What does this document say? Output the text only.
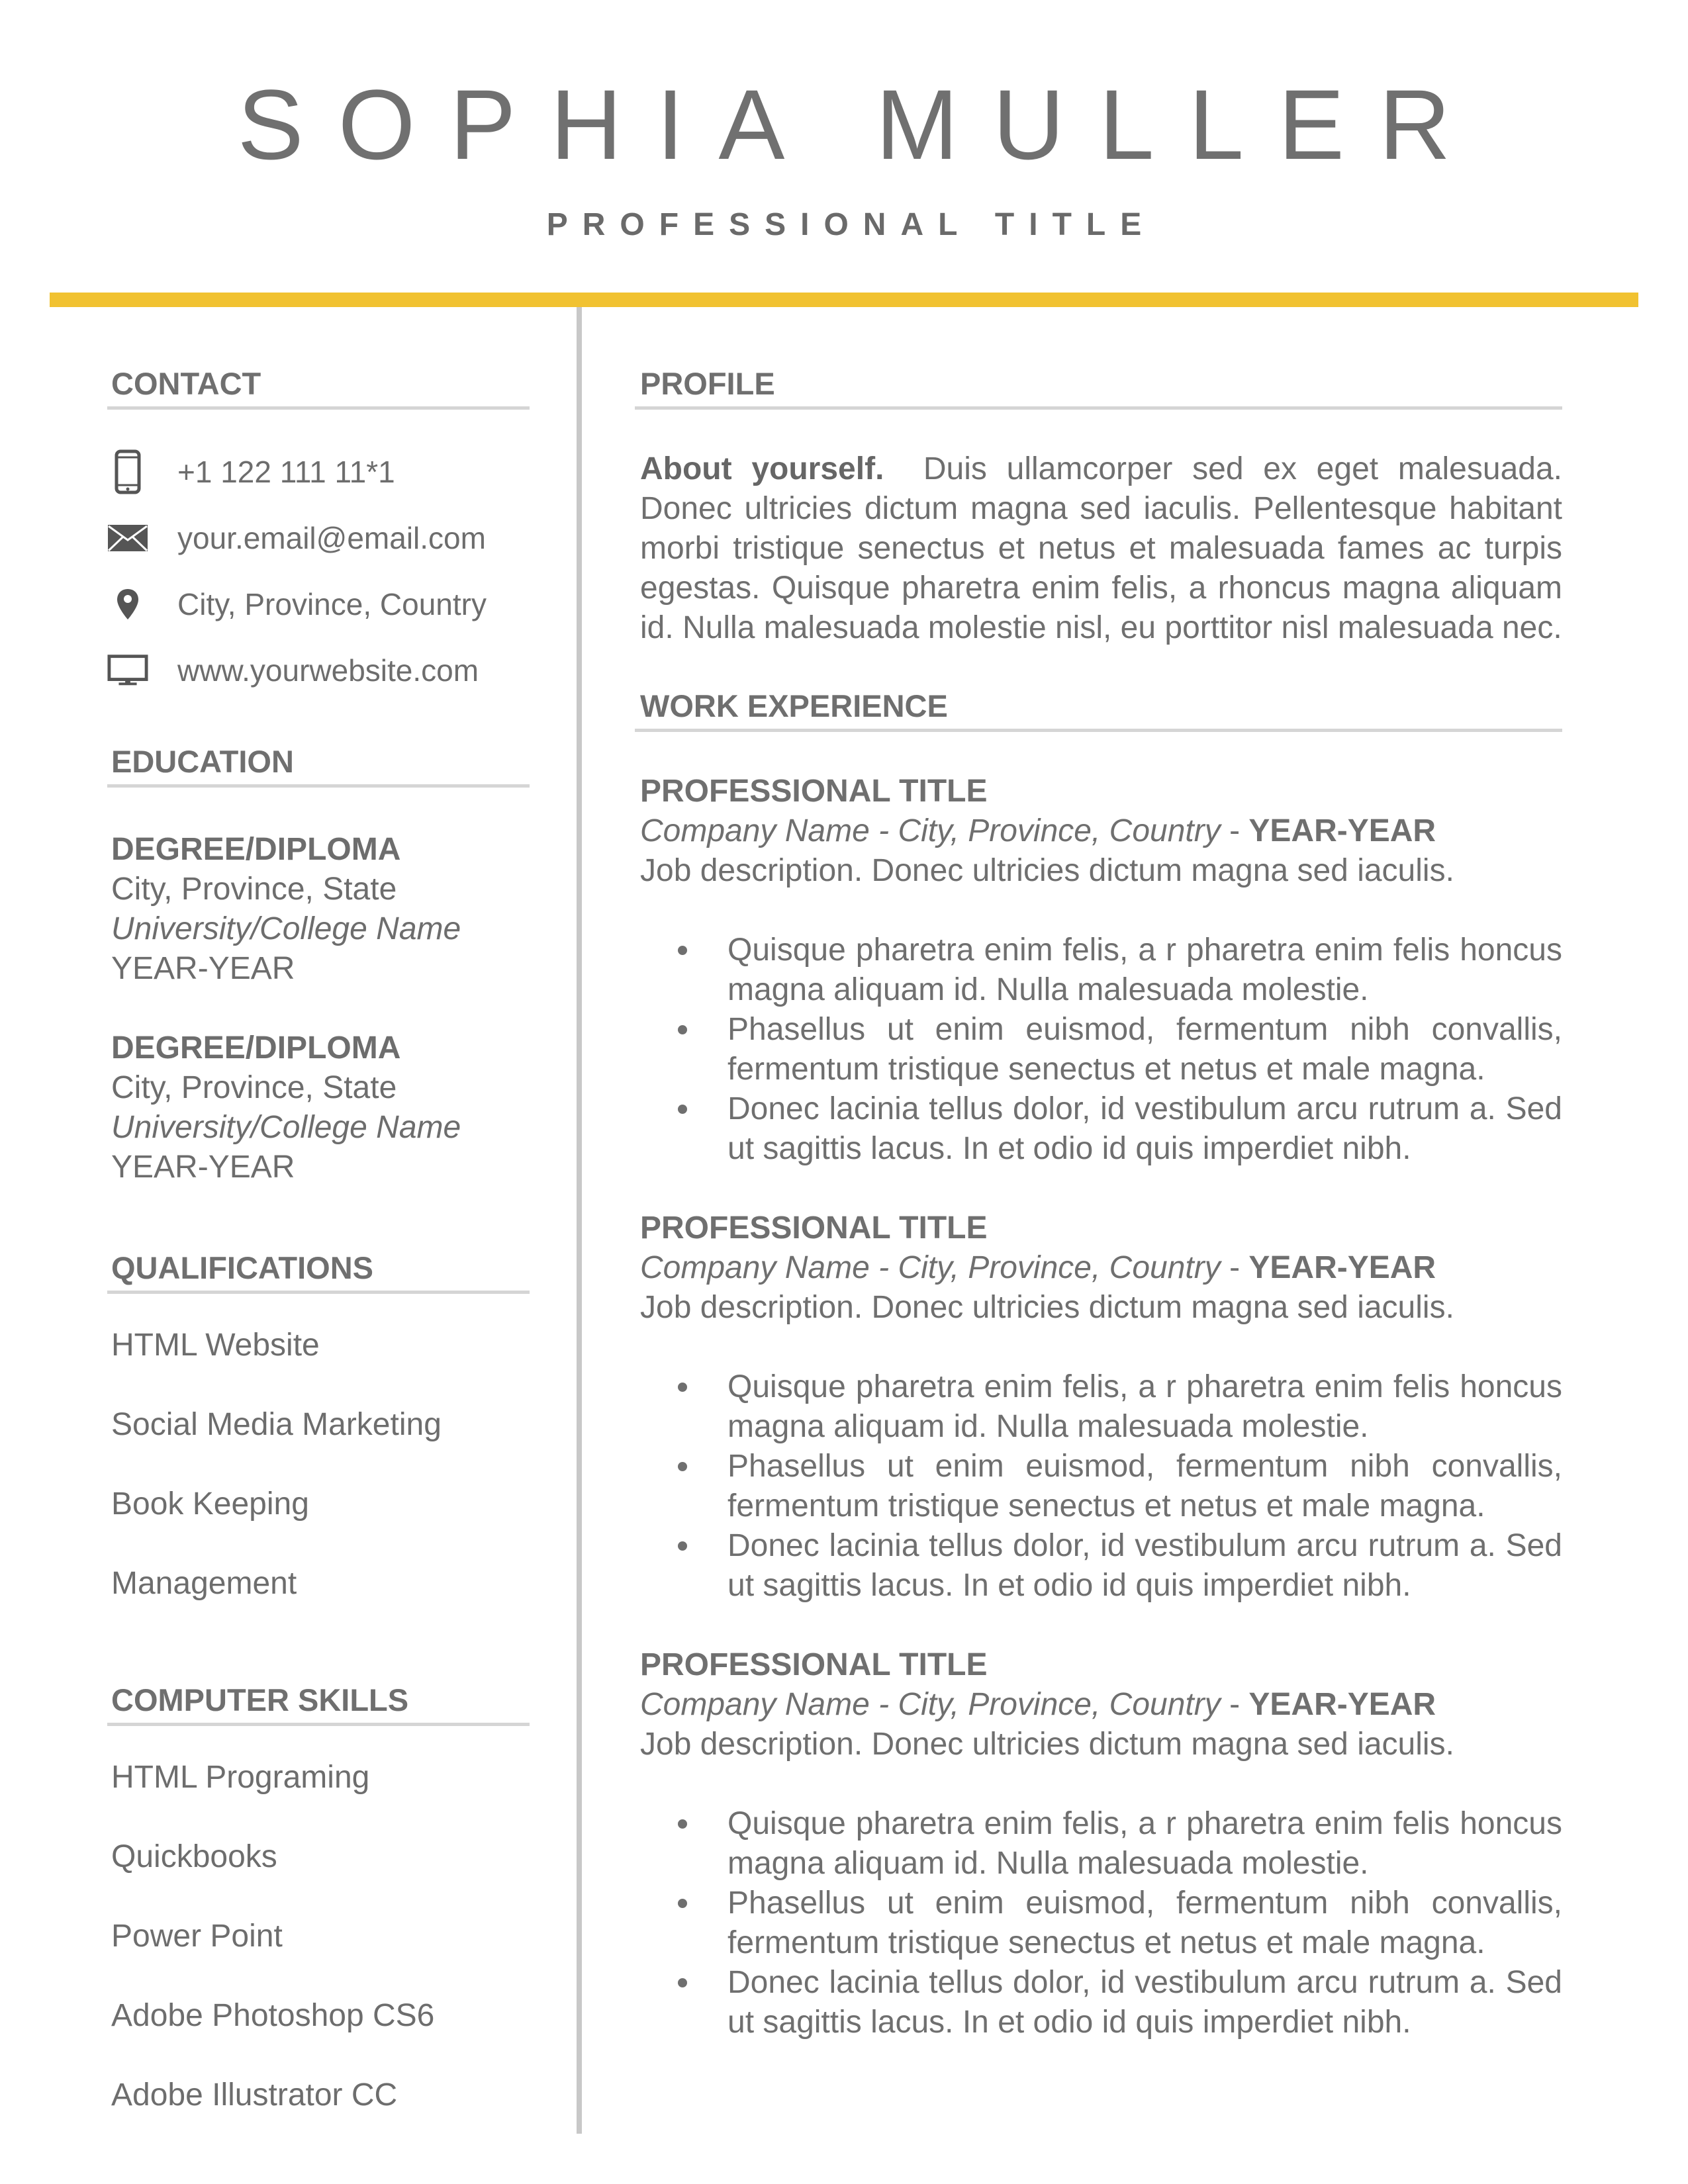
SOPHIA MULLER
PROFESSIONAL TITLE
CONTACT
+1 122 111 11*1
your.email@email.com
City, Province, Country
www.yourwebsite.com
EDUCATION
DEGREE/DIPLOMA
City, Province, State
University/College Name
YEAR-YEAR
DEGREE/DIPLOMA
City, Province, State
University/College Name
YEAR-YEAR
QUALIFICATIONS
HTML Website
Social Media Marketing
Book Keeping
Management
COMPUTER SKILLS
HTML Programing
Quickbooks
Power Point
Adobe Photoshop CS6
Adobe Illustrator CC
PROFILE
About yourself. Duis ullamcorper sed ex eget malesuada. Donec ultricies dictum magna sed iaculis. Pellentesque habitant morbi tristique senectus et netus et malesuada fames ac turpis egestas. Quisque pharetra enim felis, a rhoncus magna aliquam id. Nulla malesuada molestie nisl, eu porttitor nisl malesuada nec.
WORK EXPERIENCE
PROFESSIONAL TITLE
Company Name - City, Province, Country - YEAR-YEAR
Job description. Donec ultricies dictum magna sed iaculis.
Quisque pharetra enim felis, a r pharetra enim felis honcus magna aliquam id. Nulla malesuada molestie.
Phasellus ut enim euismod, fermentum nibh convallis, fermentum tristique senectus et netus et male magna.
Donec lacinia tellus dolor, id vestibulum arcu rutrum a. Sed ut sagittis lacus. In et odio id quis imperdiet nibh.
PROFESSIONAL TITLE
Company Name - City, Province, Country - YEAR-YEAR
Job description. Donec ultricies dictum magna sed iaculis.
Quisque pharetra enim felis, a r pharetra enim felis honcus magna aliquam id. Nulla malesuada molestie.
Phasellus ut enim euismod, fermentum nibh convallis, fermentum tristique senectus et netus et male magna.
Donec lacinia tellus dolor, id vestibulum arcu rutrum a. Sed ut sagittis lacus. In et odio id quis imperdiet nibh.
PROFESSIONAL TITLE
Company Name - City, Province, Country - YEAR-YEAR
Job description. Donec ultricies dictum magna sed iaculis.
Quisque pharetra enim felis, a r pharetra enim felis honcus magna aliquam id. Nulla malesuada molestie.
Phasellus ut enim euismod, fermentum nibh convallis, fermentum tristique senectus et netus et male magna.
Donec lacinia tellus dolor, id vestibulum arcu rutrum a. Sed ut sagittis lacus. In et odio id quis imperdiet nibh.
